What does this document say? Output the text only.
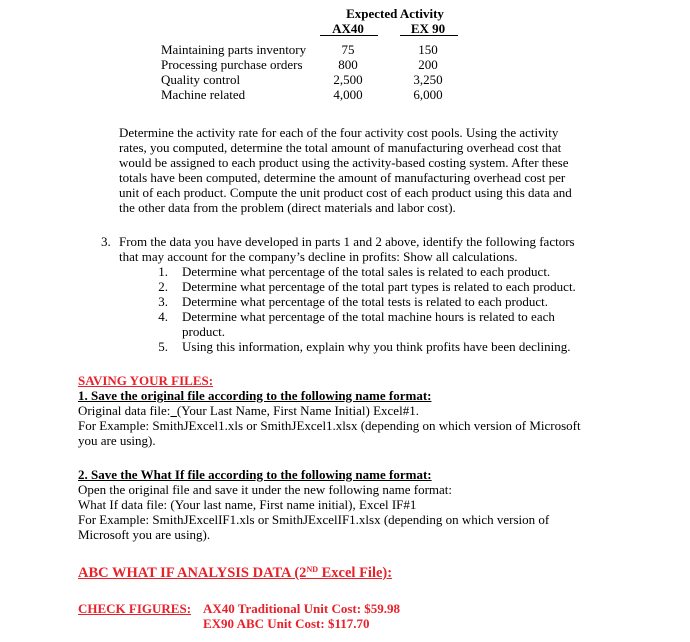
Expected Activity
AX40	EX 90
Maintaining parts inventory	75	150
Processing purchase orders	800	200
Quality control	2,500	3,250
Machine related	4,000	6,000
Determine the activity rate for each of the four activity cost pools. Using the activity
rates, you computed, determine the total amount of manufacturing overhead cost that
would be assigned to each product using the activity-based costing system. After these
totals have been computed, determine the amount of manufacturing overhead cost per
unit of each product. Compute the unit product cost of each product using this data and
the other data from the problem (direct materials and labor cost).
3. From the data you have developed in parts 1 and 2 above, identify the following factors
that may account for the company’s decline in profits: Show all calculations.
1. Determine what percentage of the total sales is related to each product.
2. Determine what percentage of the total part types is related to each product.
3. Determine what percentage of the total tests is related to each product.
4. Determine what percentage of the total machine hours is related to each
product.
5. Using this information, explain why you think profits have been declining.
SAVING YOUR FILES:
1. Save the original file according to the following name format:
Original data file: (Your Last Name, First Name Initial) Excel#1.
For Example: SmithJExcel1.xls or SmithJExcel1.xlsx (depending on which version of Microsoft
you are using).
2. Save the What If file according to the following name format:
Open the original file and save it under the new following name format:
What If data file: (Your last name, First name initial), Excel IF#1
For Example: SmithJExcelIF1.xls or SmithJExcelIF1.xlsx (depending on which version of
Microsoft you are using).
ABC WHAT IF ANALYSIS DATA (2ND Excel File):
CHECK FIGURES: AX40 Traditional Unit Cost: $59.98
EX90 ABC Unit Cost: $117.70
